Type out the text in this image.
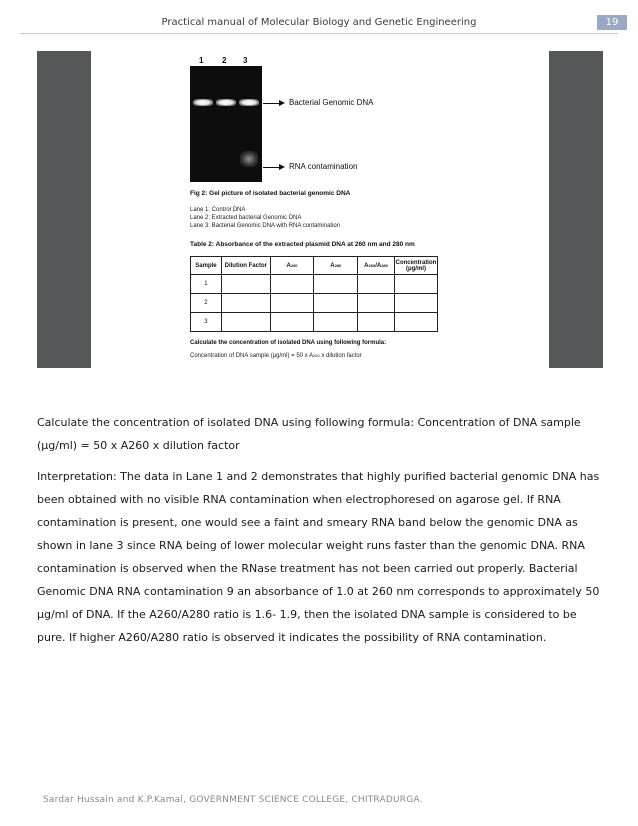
Practical manual of Molecular Biology and Genetic Engineering	19
1 2 3
Bacterial Genomic DNA
RNA contamination
Fig 2: Gel picture of isolated bacterial genomic DNA
Lane 1: Control DNA
Lane 2: Extracted bacterial Genomic DNA
Lane 3: Bacterial Genomic DNA with RNA contamination
Table 2: Absorbance of the extracted plasmid DNA at 260 nm and 280 nm
Sample	Dilution Factor	A260	A280	A260/A280	Concentration (μg/ml)
1					
2					
3					
Calculate the concentration of isolated DNA using following formula:
Concentration of DNA sample (μg/ml) = 50 x A260 x dilution factor

Calculate the concentration of isolated DNA using following formula: Concentration of DNA sample (μg/ml) = 50 x A260 x dilution factor

Interpretation: The data in Lane 1 and 2 demonstrates that highly purified bacterial genomic DNA has been obtained with no visible RNA contamination when electrophoresed on agarose gel. If RNA contamination is present, one would see a faint and smeary RNA band below the genomic DNA as shown in lane 3 since RNA being of lower molecular weight runs faster than the genomic DNA. RNA contamination is observed when the RNase treatment has not been carried out properly. Bacterial Genomic DNA RNA contamination 9 an absorbance of 1.0 at 260 nm corresponds to approximately 50 μg/ml of DNA. If the A260/A280 ratio is 1.6- 1.9, then the isolated DNA sample is considered to be pure. If higher A260/A280 ratio is observed it indicates the possibility of RNA contamination.

Sardar Hussain and K.P.Kamal, GOVERNMENT SCIENCE COLLEGE, CHITRADURGA.
